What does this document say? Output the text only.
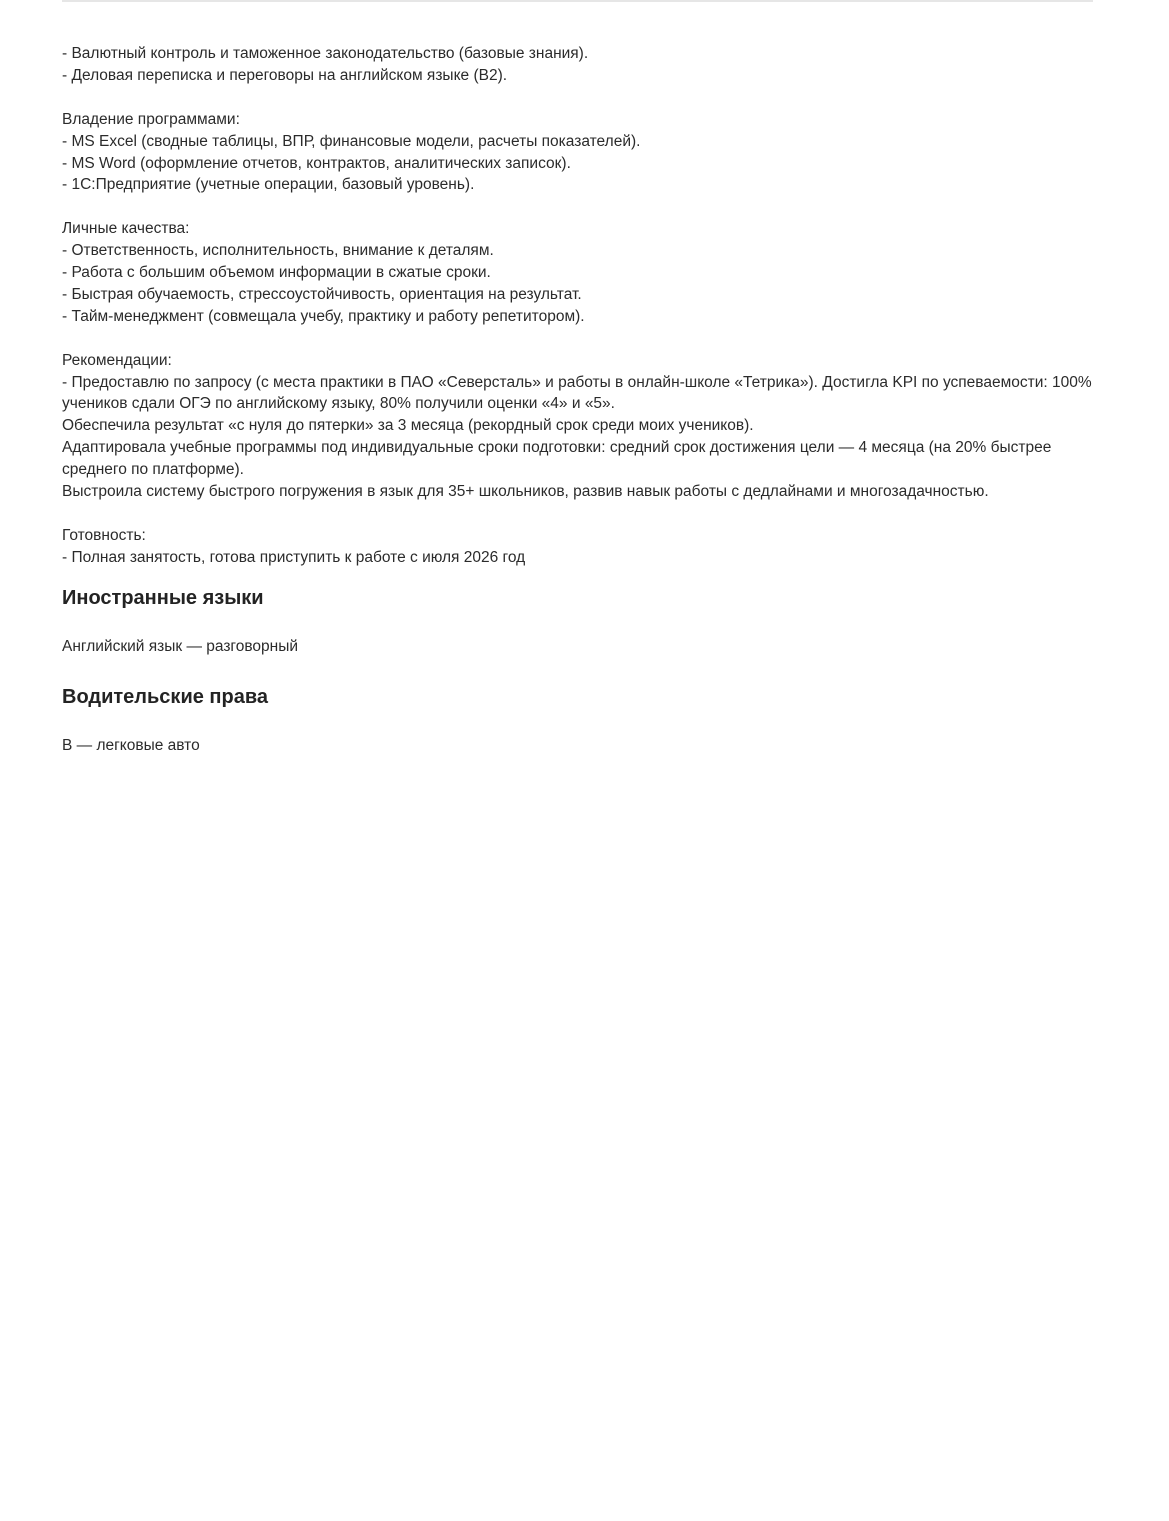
- Валютный контроль и таможенное законодательство (базовые знания).
- Деловая переписка и переговоры на английском языке (B2).
Владение программами:
- MS Excel (сводные таблицы, ВПР, финансовые модели, расчеты показателей).
- MS Word (оформление отчетов, контрактов, аналитических записок).
- 1С:Предприятие (учетные операции, базовый уровень).
Личные качества:
- Ответственность, исполнительность, внимание к деталям.
- Работа с большим объемом информации в сжатые сроки.
- Быстрая обучаемость, стрессоустойчивость, ориентация на результат.
- Тайм-менеджмент (совмещала учебу, практику и работу репетитором).
Рекомендации:
- Предоставлю по запросу (с места практики в ПАО «Северсталь» и работы в онлайн-школе «Тетрика»). Достигла KPI по успеваемости: 100% учеников сдали ОГЭ по английскому языку, 80% получили оценки «4» и «5».
Обеспечила результат «с нуля до пятерки» за 3 месяца (рекордный срок среди моих учеников).
Адаптировала учебные программы под индивидуальные сроки подготовки: средний срок достижения цели — 4 месяца (на 20% быстрее среднего по платформе).
Выстроила систему быстрого погружения в язык для 35+ школьников, развив навык работы с дедлайнами и многозадачностью.
Готовность:
- Полная занятость, готова приступить к работе с июля 2026 год
Иностранные языки
Английский язык — разговорный
Водительские права
B — легковые авто
